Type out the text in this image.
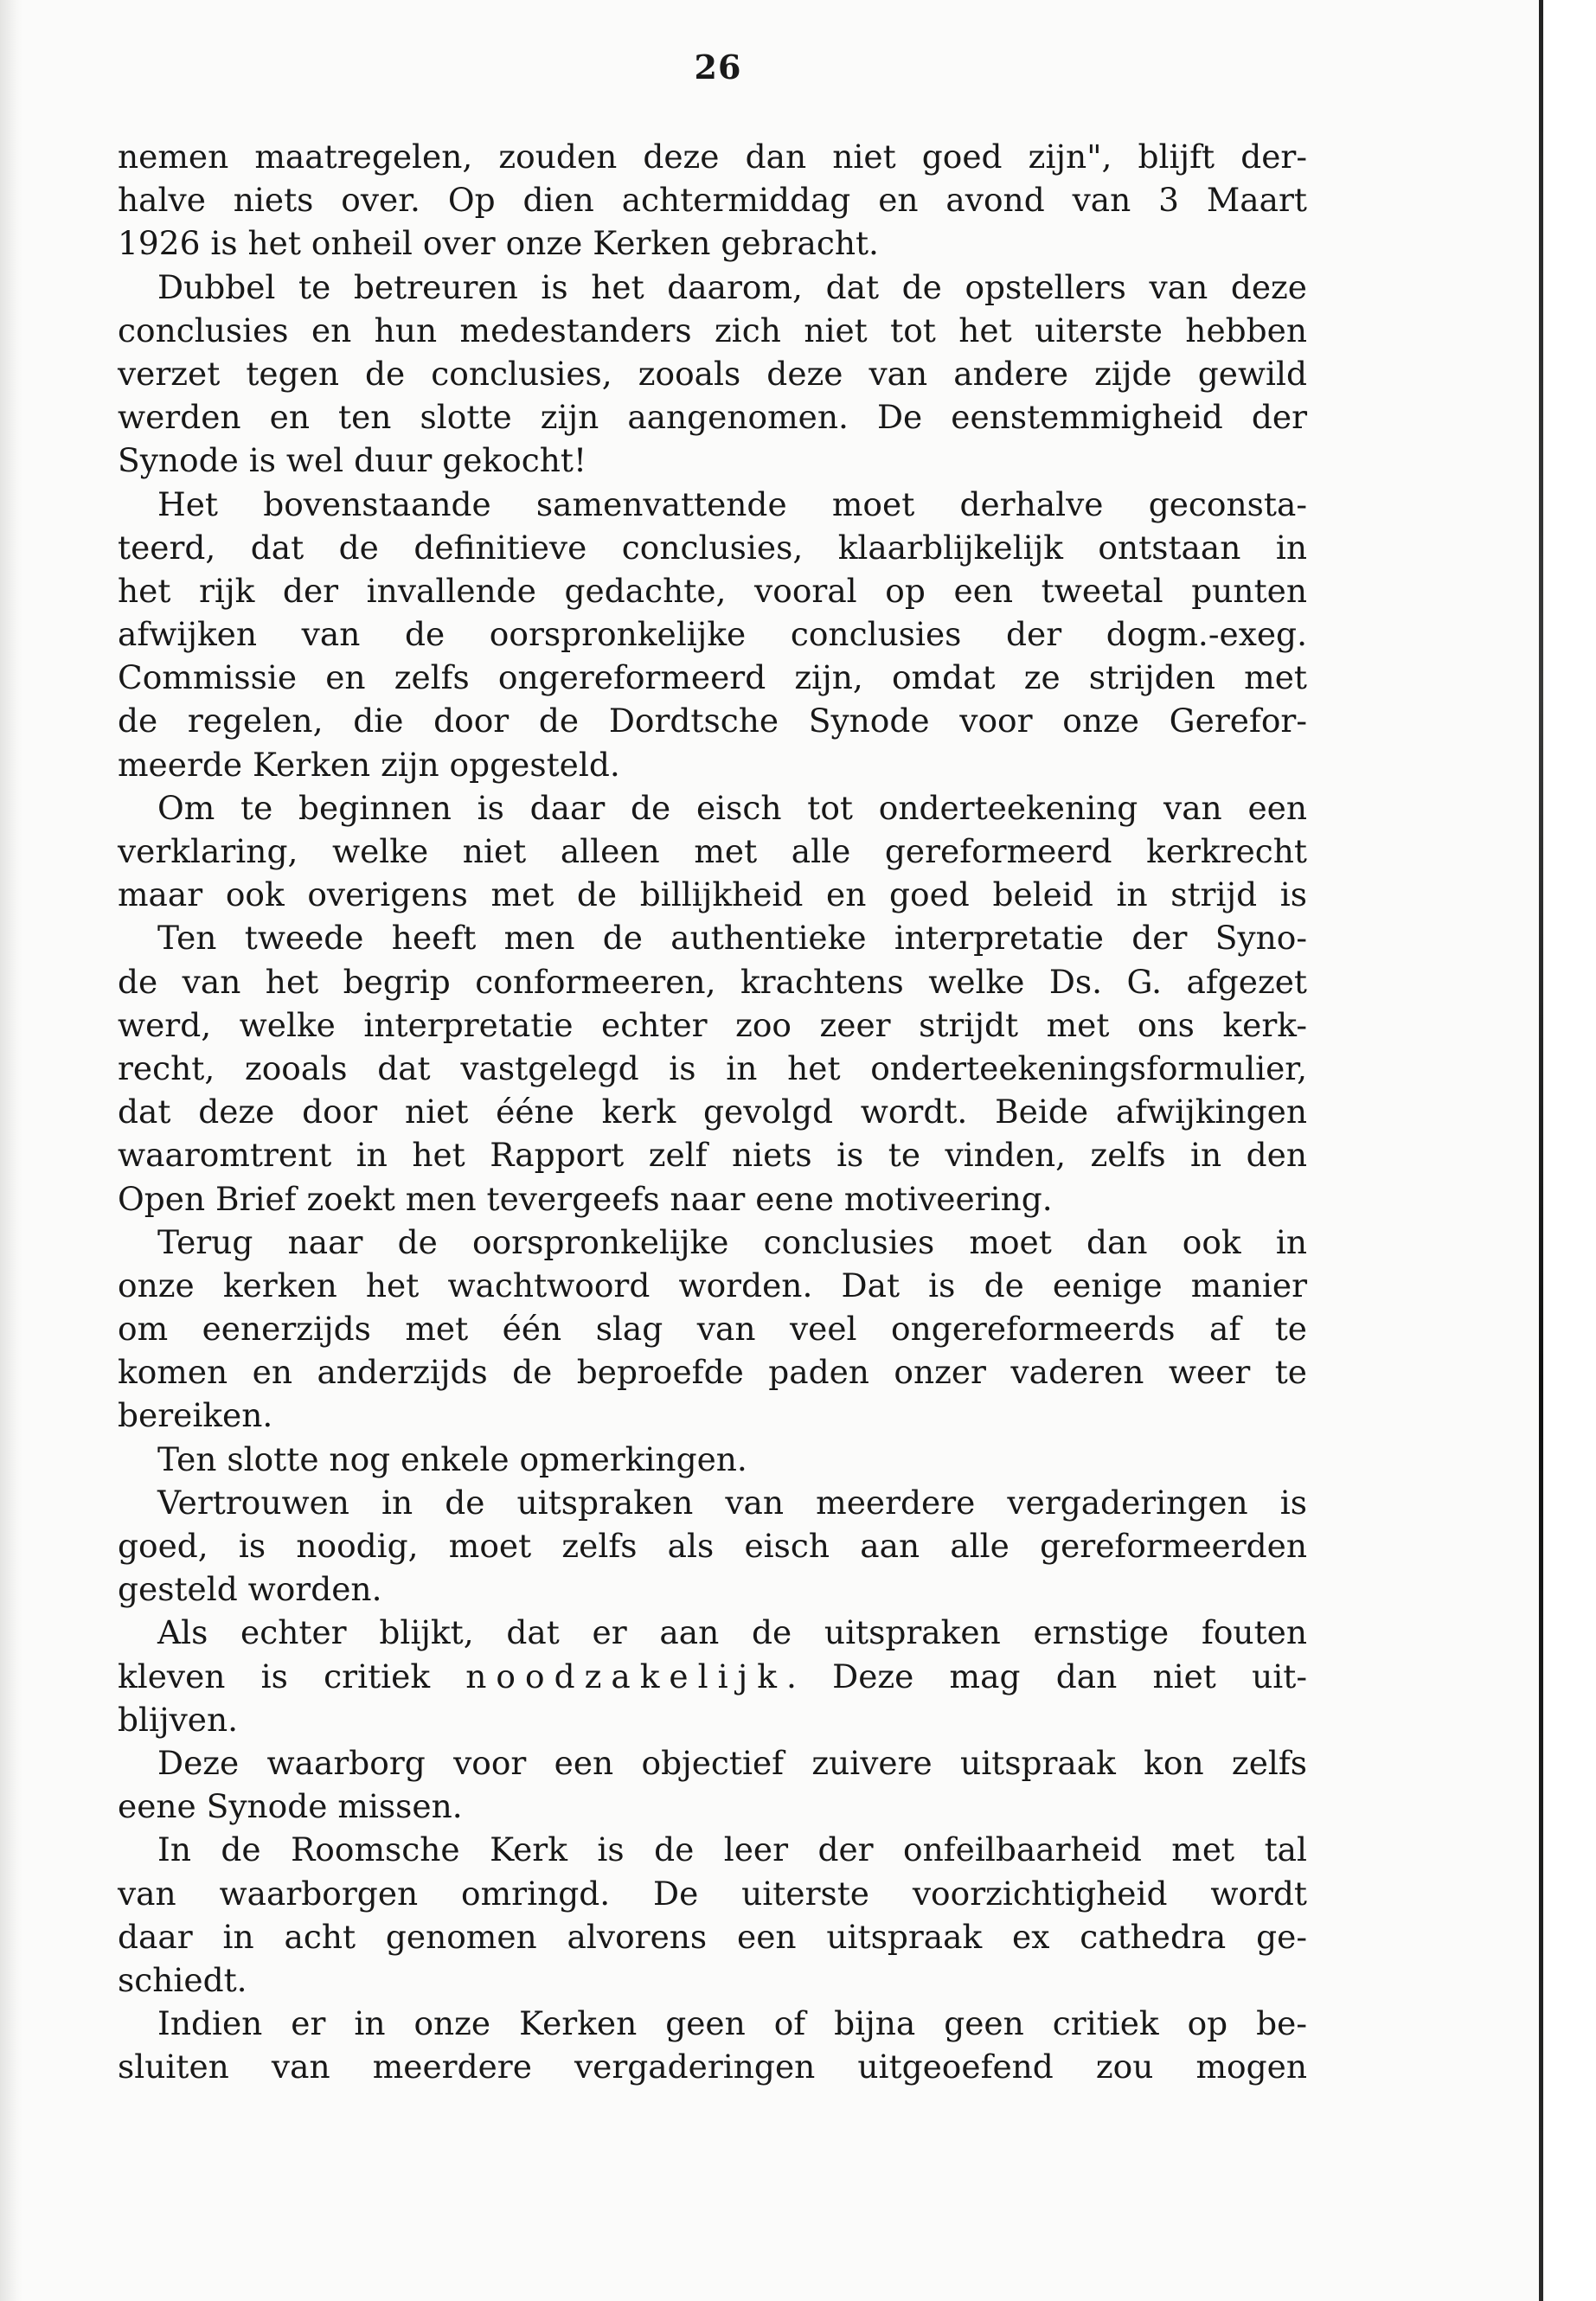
26
nemen maatregelen, zouden deze dan niet goed zijn", blijft der-
halve niets over. Op dien achtermiddag en avond van 3 Maart
1926 is het onheil over onze Kerken gebracht.
Dubbel te betreuren is het daarom, dat de opstellers van deze
conclusies en hun medestanders zich niet tot het uiterste hebben
verzet tegen de conclusies, zooals deze van andere zijde gewild
werden en ten slotte zijn aangenomen. De eenstemmigheid der
Synode is wel duur gekocht!
Het bovenstaande samenvattende moet derhalve geconsta-
teerd, dat de definitieve conclusies, klaarblijkelijk ontstaan in
het rijk der invallende gedachte, vooral op een tweetal punten
afwijken van de oorspronkelijke conclusies der dogm.-exeg.
Commissie en zelfs ongereformeerd zijn, omdat ze strijden met
de regelen, die door de Dordtsche Synode voor onze Gerefor-
meerde Kerken zijn opgesteld.
Om te beginnen is daar de eisch tot onderteekening van een
verklaring, welke niet alleen met alle gereformeerd kerkrecht
maar ook overigens met de billijkheid en goed beleid in strijd is
Ten tweede heeft men de authentieke interpretatie der Syno-
de van het begrip conformeeren, krachtens welke Ds. G. afgezet
werd, welke interpretatie echter zoo zeer strijdt met ons kerk-
recht, zooals dat vastgelegd is in het onderteekeningsformulier,
dat deze door niet ééne kerk gevolgd wordt. Beide afwijkingen
waaromtrent in het Rapport zelf niets is te vinden, zelfs in den
Open Brief zoekt men tevergeefs naar eene motiveering.
Terug naar de oorspronkelijke conclusies moet dan ook in
onze kerken het wachtwoord worden. Dat is de eenige manier
om eenerzijds met één slag van veel ongereformeerds af te
komen en anderzijds de beproefde paden onzer vaderen weer te
bereiken.
Ten slotte nog enkele opmerkingen.
Vertrouwen in de uitspraken van meerdere vergaderingen is
goed, is noodig, moet zelfs als eisch aan alle gereformeerden
gesteld worden.
Als echter blijkt, dat er aan de uitspraken ernstige fouten
kleven is critiek noodzakelijk. Deze mag dan niet uit-
blijven.
Deze waarborg voor een objectief zuivere uitspraak kon zelfs
eene Synode missen.
In de Roomsche Kerk is de leer der onfeilbaarheid met tal
van waarborgen omringd. De uiterste voorzichtigheid wordt
daar in acht genomen alvorens een uitspraak ex cathedra ge-
schiedt.
Indien er in onze Kerken geen of bijna geen critiek op be-
sluiten van meerdere vergaderingen uitgeoefend zou mogen
